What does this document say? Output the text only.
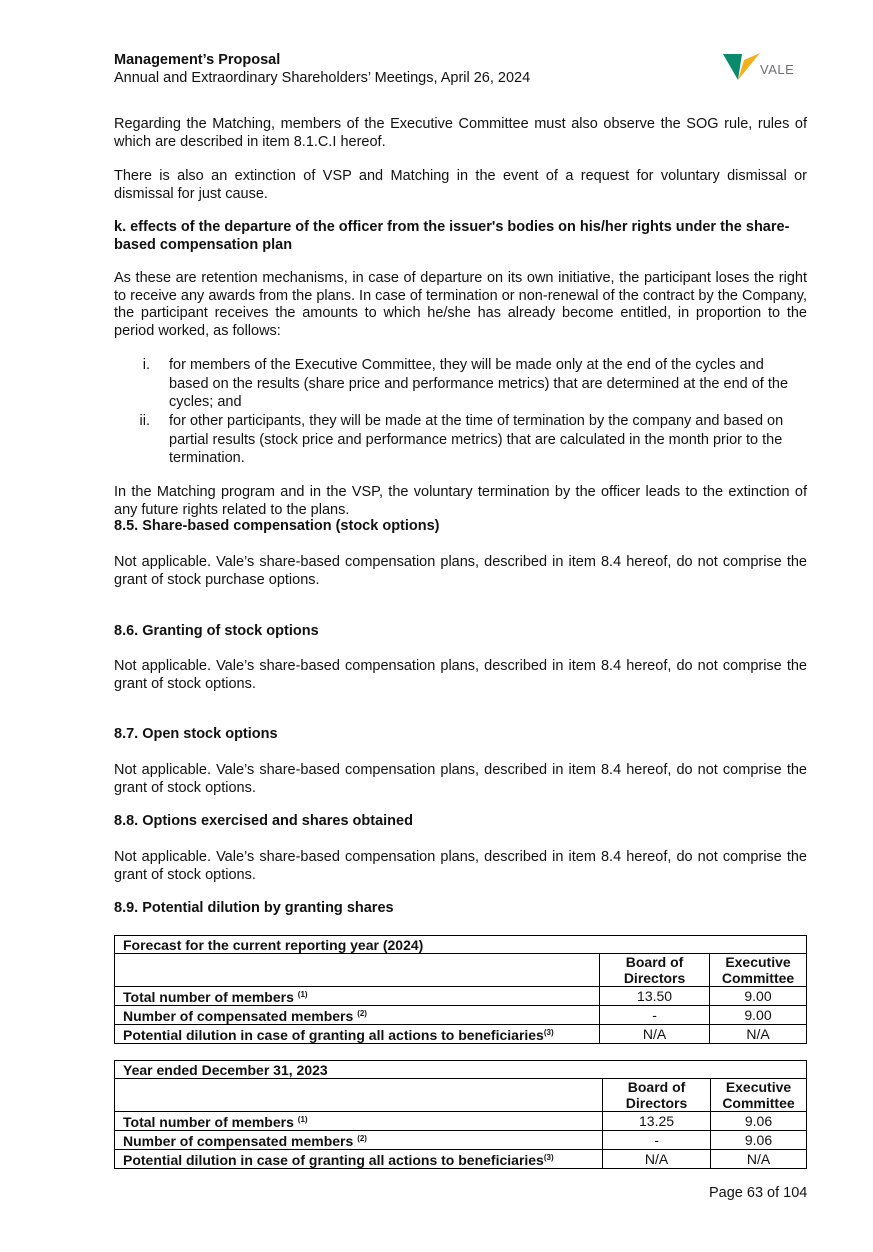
Management’s Proposal
Annual and Extraordinary Shareholders’ Meetings, April 26, 2024
VALE

Regarding the Matching, members of the Executive Committee must also observe the SOG rule, rules of which are described in item 8.1.C.I hereof.

There is also an extinction of VSP and Matching in the event of a request for voluntary dismissal or dismissal for just cause.

k. effects of the departure of the officer from the issuer's bodies on his/her rights under the share-based compensation plan

As these are retention mechanisms, in case of departure on its own initiative, the participant loses the right to receive any awards from the plans. In case of termination or non-renewal of the contract by the Company, the participant receives the amounts to which he/she has already become entitled, in proportion to the period worked, as follows:

i. for members of the Executive Committee, they will be made only at the end of the cycles and based on the results (share price and performance metrics) that are determined at the end of the cycles; and
ii. for other participants, they will be made at the time of termination by the company and based on partial results (stock price and performance metrics) that are calculated in the month prior to the termination.

In the Matching program and in the VSP, the voluntary termination by the officer leads to the extinction of any future rights related to the plans.

8.5. Share-based compensation (stock options)

Not applicable. Vale’s share-based compensation plans, described in item 8.4 hereof, do not comprise the grant of stock purchase options.

8.6. Granting of stock options

Not applicable. Vale’s share-based compensation plans, described in item 8.4 hereof, do not comprise the grant of stock options.

8.7. Open stock options

Not applicable. Vale’s share-based compensation plans, described in item 8.4 hereof, do not comprise the grant of stock options.

8.8. Options exercised and shares obtained

Not applicable. Vale’s share-based compensation plans, described in item 8.4 hereof, do not comprise the grant of stock options.

8.9. Potential dilution by granting shares

Forecast for the current reporting year (2024)		
	Board of Directors	Executive Committee
Total number of members $^{(1)}$	13.50	9.00
Number of compensated members $^{(2)}$	-	9.00
Potential dilution in case of granting all actions to beneficiaries$^{(3)}$	N/A	N/A
Year ended December 31, 2023		
	Board of Directors	Executive Committee
Total number of members $^{(1)}$	13.25	9.06
Number of compensated members $^{(2)}$	-	9.06
Potential dilution in case of granting all actions to beneficiaries$^{(3)}$	N/A	N/A
Page 63 of 104
